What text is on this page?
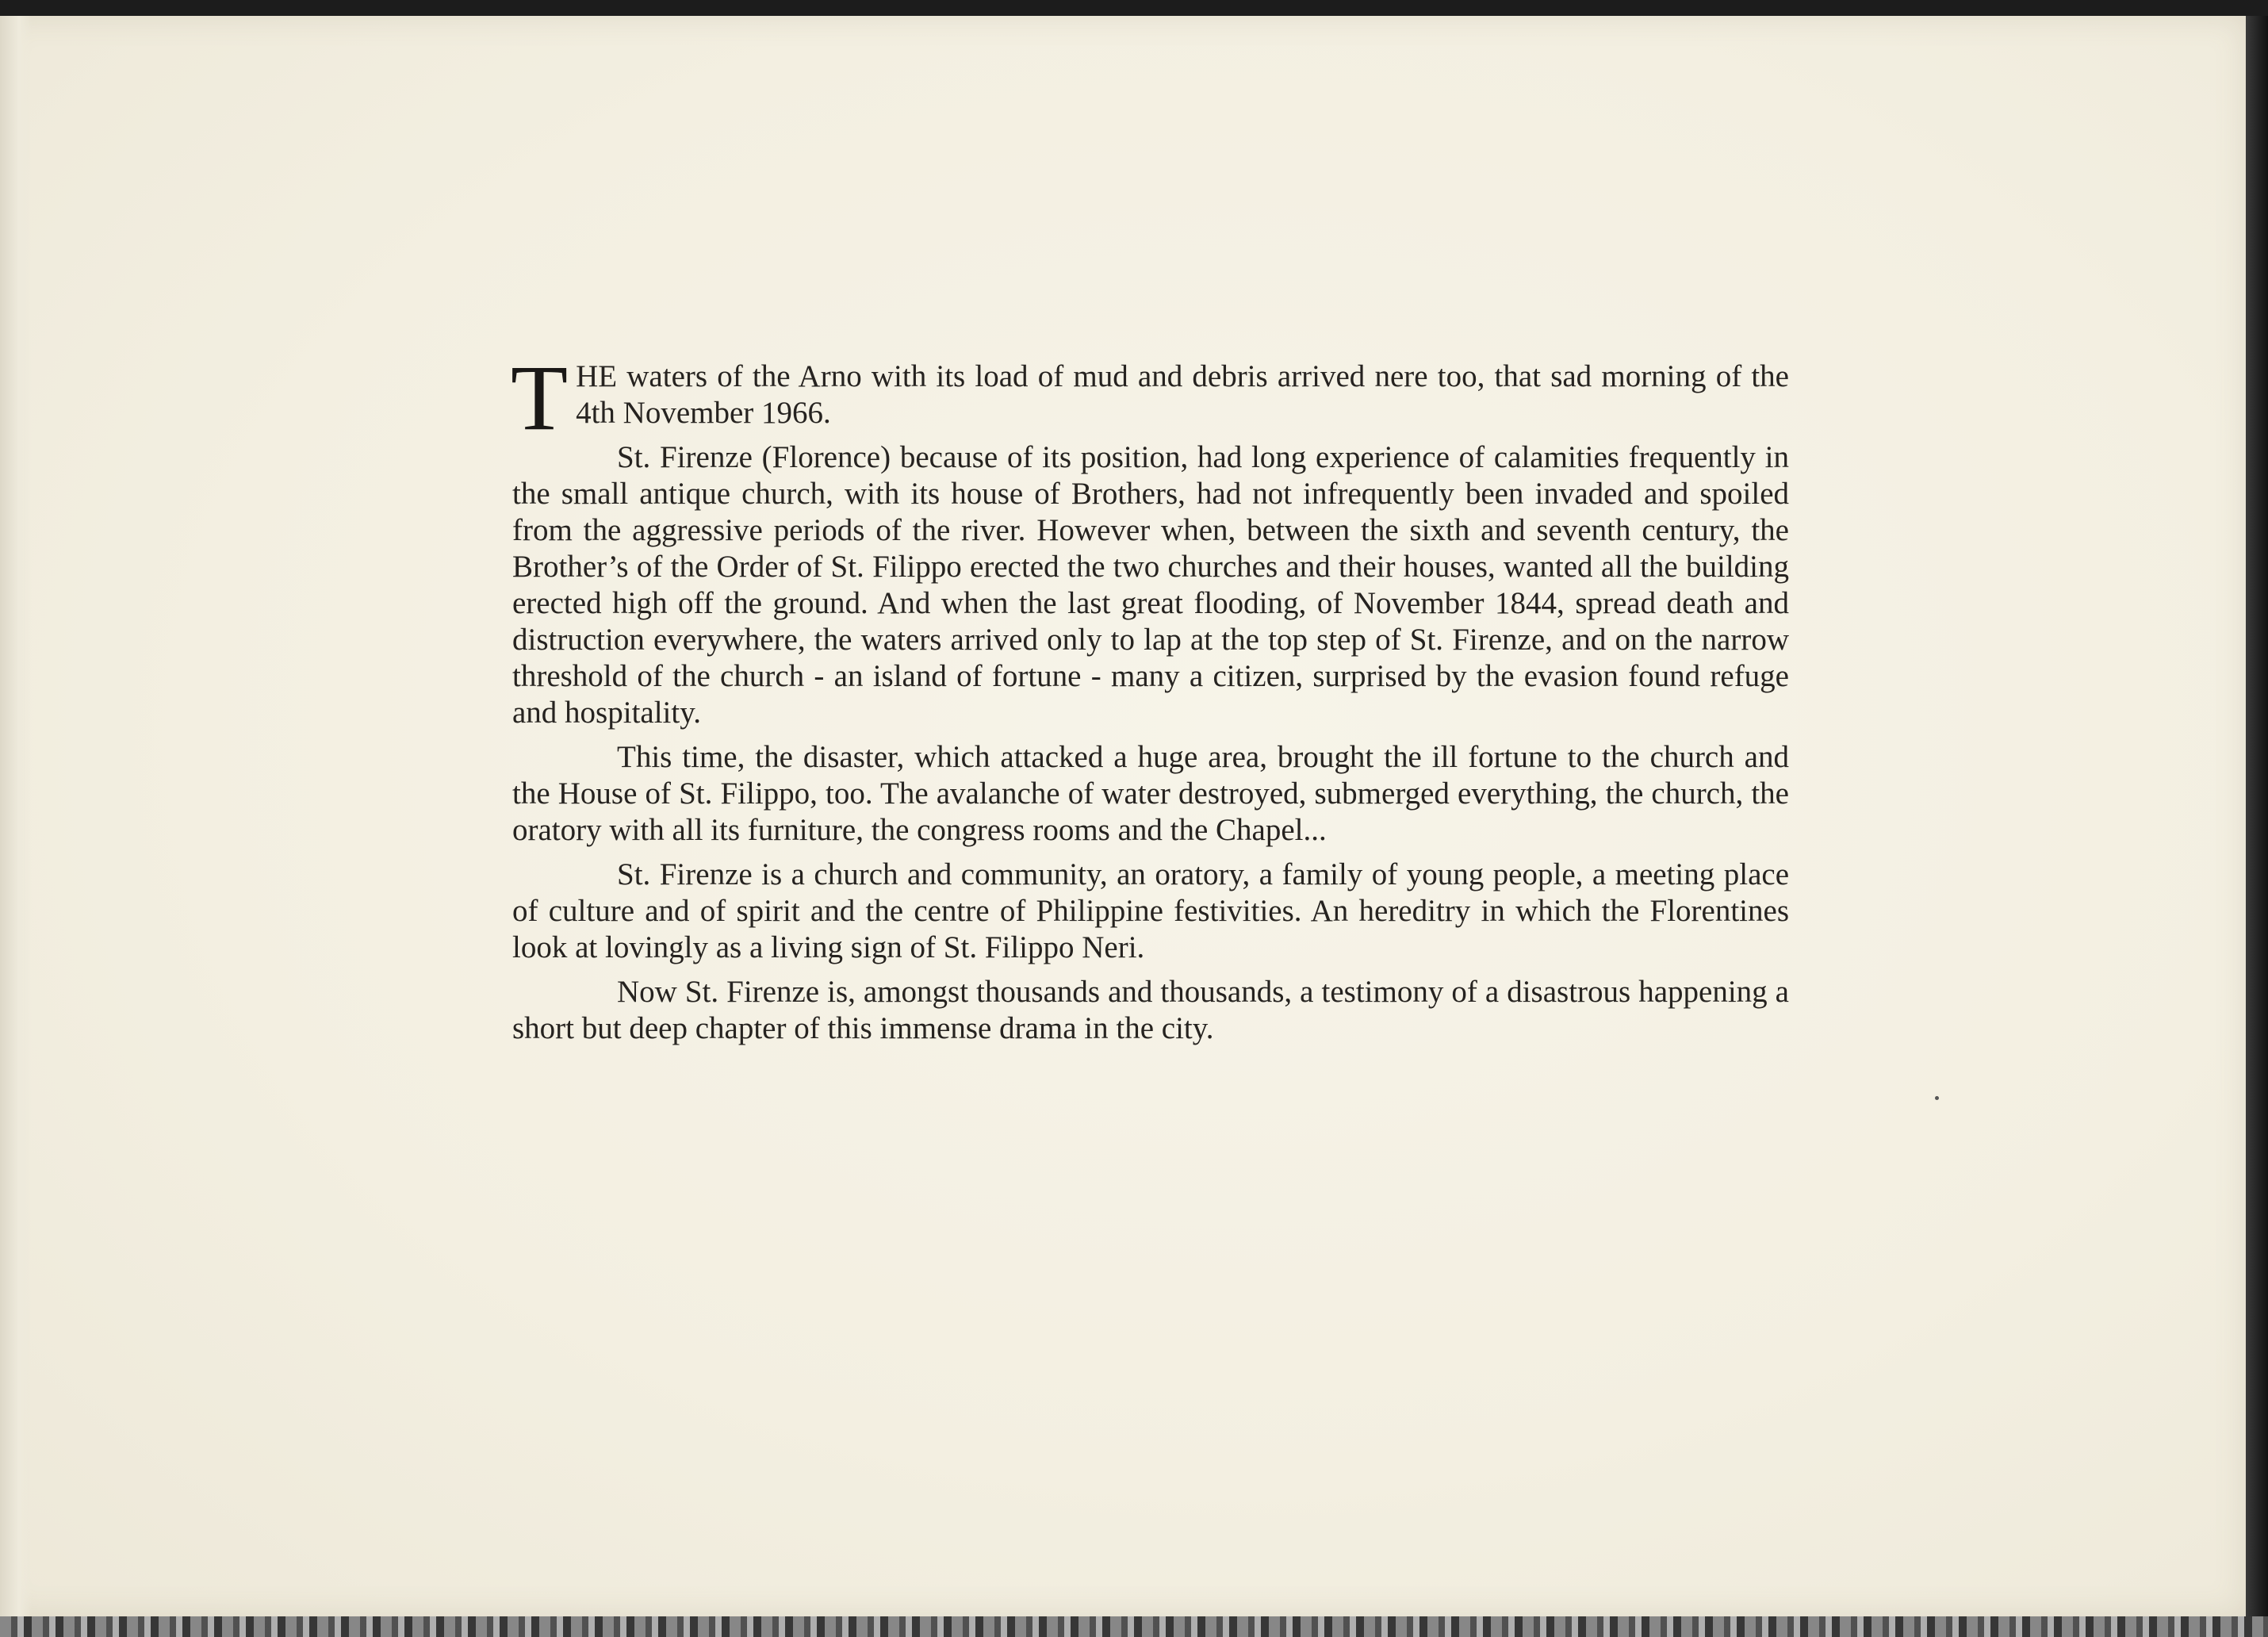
T HE waters of the Arno with its load of mud and debris arrived nere too, that sad morning of the 4th November 1966.

St. Firenze (Florence) because of its position, had long experience of calamities frequently in the small antique church, with its house of Brothers, had not infrequently been invaded and spoiled from the aggressive periods of the river. However when, between the sixth and seventh century, the Brother’s of the Order of St. Filippo erected the two churches and their houses, wanted all the building erected high off the ground. And when the last great flooding, of November 1844, spread death and distruction everywhere, the waters arrived only to lap at the top step of St. Firenze, and on the narrow threshold of the church - an island of fortune - many a citizen, surprised by the evasion found refuge and hospitality.

This time, the disaster, which attacked a huge area, brought the ill fortune to the church and the House of St. Filippo, too. The avalanche of water destroyed, submerged everything, the church, the oratory with all its furniture, the congress rooms and the Chapel...

St. Firenze is a church and community, an oratory, a family of young people, a meeting place of culture and of spirit and the centre of Philippine festivities. An hereditry in which the Florentines look at lovingly as a living sign of St. Filippo Neri.

Now St. Firenze is, amongst thousands and thousands, a testimony of a disastrous happening a short but deep chapter of this immense drama in the city.
